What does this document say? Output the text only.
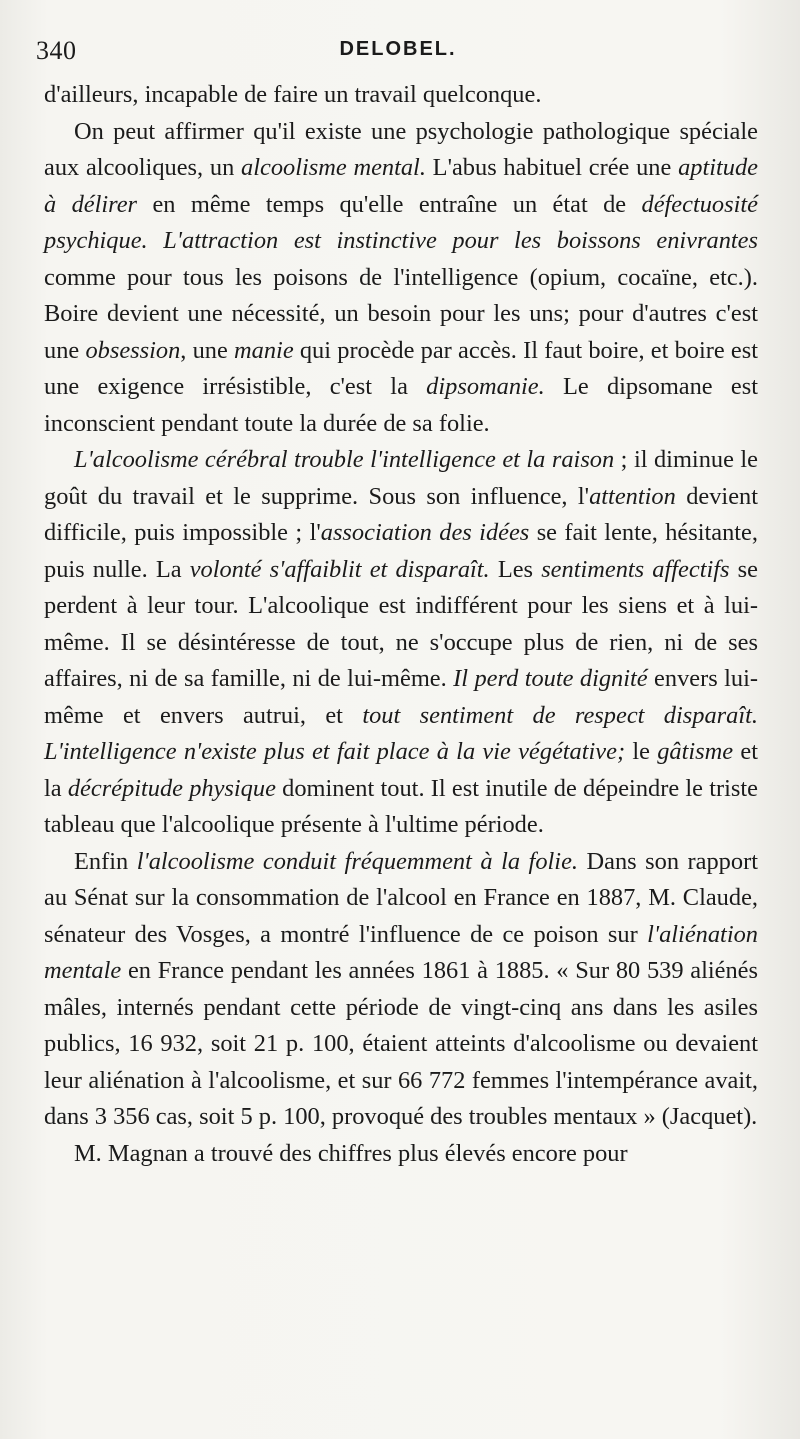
340	DELOBEL.

d'ailleurs, incapable de faire un travail quelconque.

On peut affirmer qu'il existe une psychologie pathologique spéciale aux alcooliques, un alcoolisme mental. L'abus habituel crée une aptitude à délirer en même temps qu'elle entraîne un état de défectuosité psychique. L'attraction est instinctive pour les boissons enivrantes comme pour tous les poisons de l'intelligence (opium, cocaïne, etc.). Boire devient une nécessité, un besoin pour les uns; pour d'autres c'est une obsession, une manie qui procède par accès. Il faut boire, et boire est une exigence irrésistible, c'est la dipsomanie. Le dipsomane est inconscient pendant toute la durée de sa folie.

L'alcoolisme cérébral trouble l'intelligence et la raison ; il diminue le goût du travail et le supprime. Sous son influence, l'attention devient difficile, puis impossible ; l'association des idées se fait lente, hésitante, puis nulle. La volonté s'affaiblit et disparaît. Les sentiments affectifs se perdent à leur tour. L'alcoolique est indifférent pour les siens et à lui-même. Il se désintéresse de tout, ne s'occupe plus de rien, ni de ses affaires, ni de sa famille, ni de lui-même. Il perd toute dignité envers lui-même et envers autrui, et tout sentiment de respect disparaît. L'intelligence n'existe plus et fait place à la vie végétative; le gâtisme et la décrépitude physique dominent tout. Il est inutile de dépeindre le triste tableau que l'alcoolique présente à l'ultime période.

Enfin l'alcoolisme conduit fréquemment à la folie. Dans son rapport au Sénat sur la consommation de l'alcool en France en 1887, M. Claude, sénateur des Vosges, a montré l'influence de ce poison sur l'aliénation mentale en France pendant les années 1861 à 1885. « Sur 80 539 aliénés mâles, internés pendant cette période de vingt-cinq ans dans les asiles publics, 16 932, soit 21 p. 100, étaient atteints d'alcoolisme ou devaient leur aliénation à l'alcoolisme, et sur 66 772 femmes l'intempérance avait, dans 3 356 cas, soit 5 p. 100, provoqué des troubles mentaux » (Jacquet).

M. Magnan a trouvé des chiffres plus élevés encore pour
